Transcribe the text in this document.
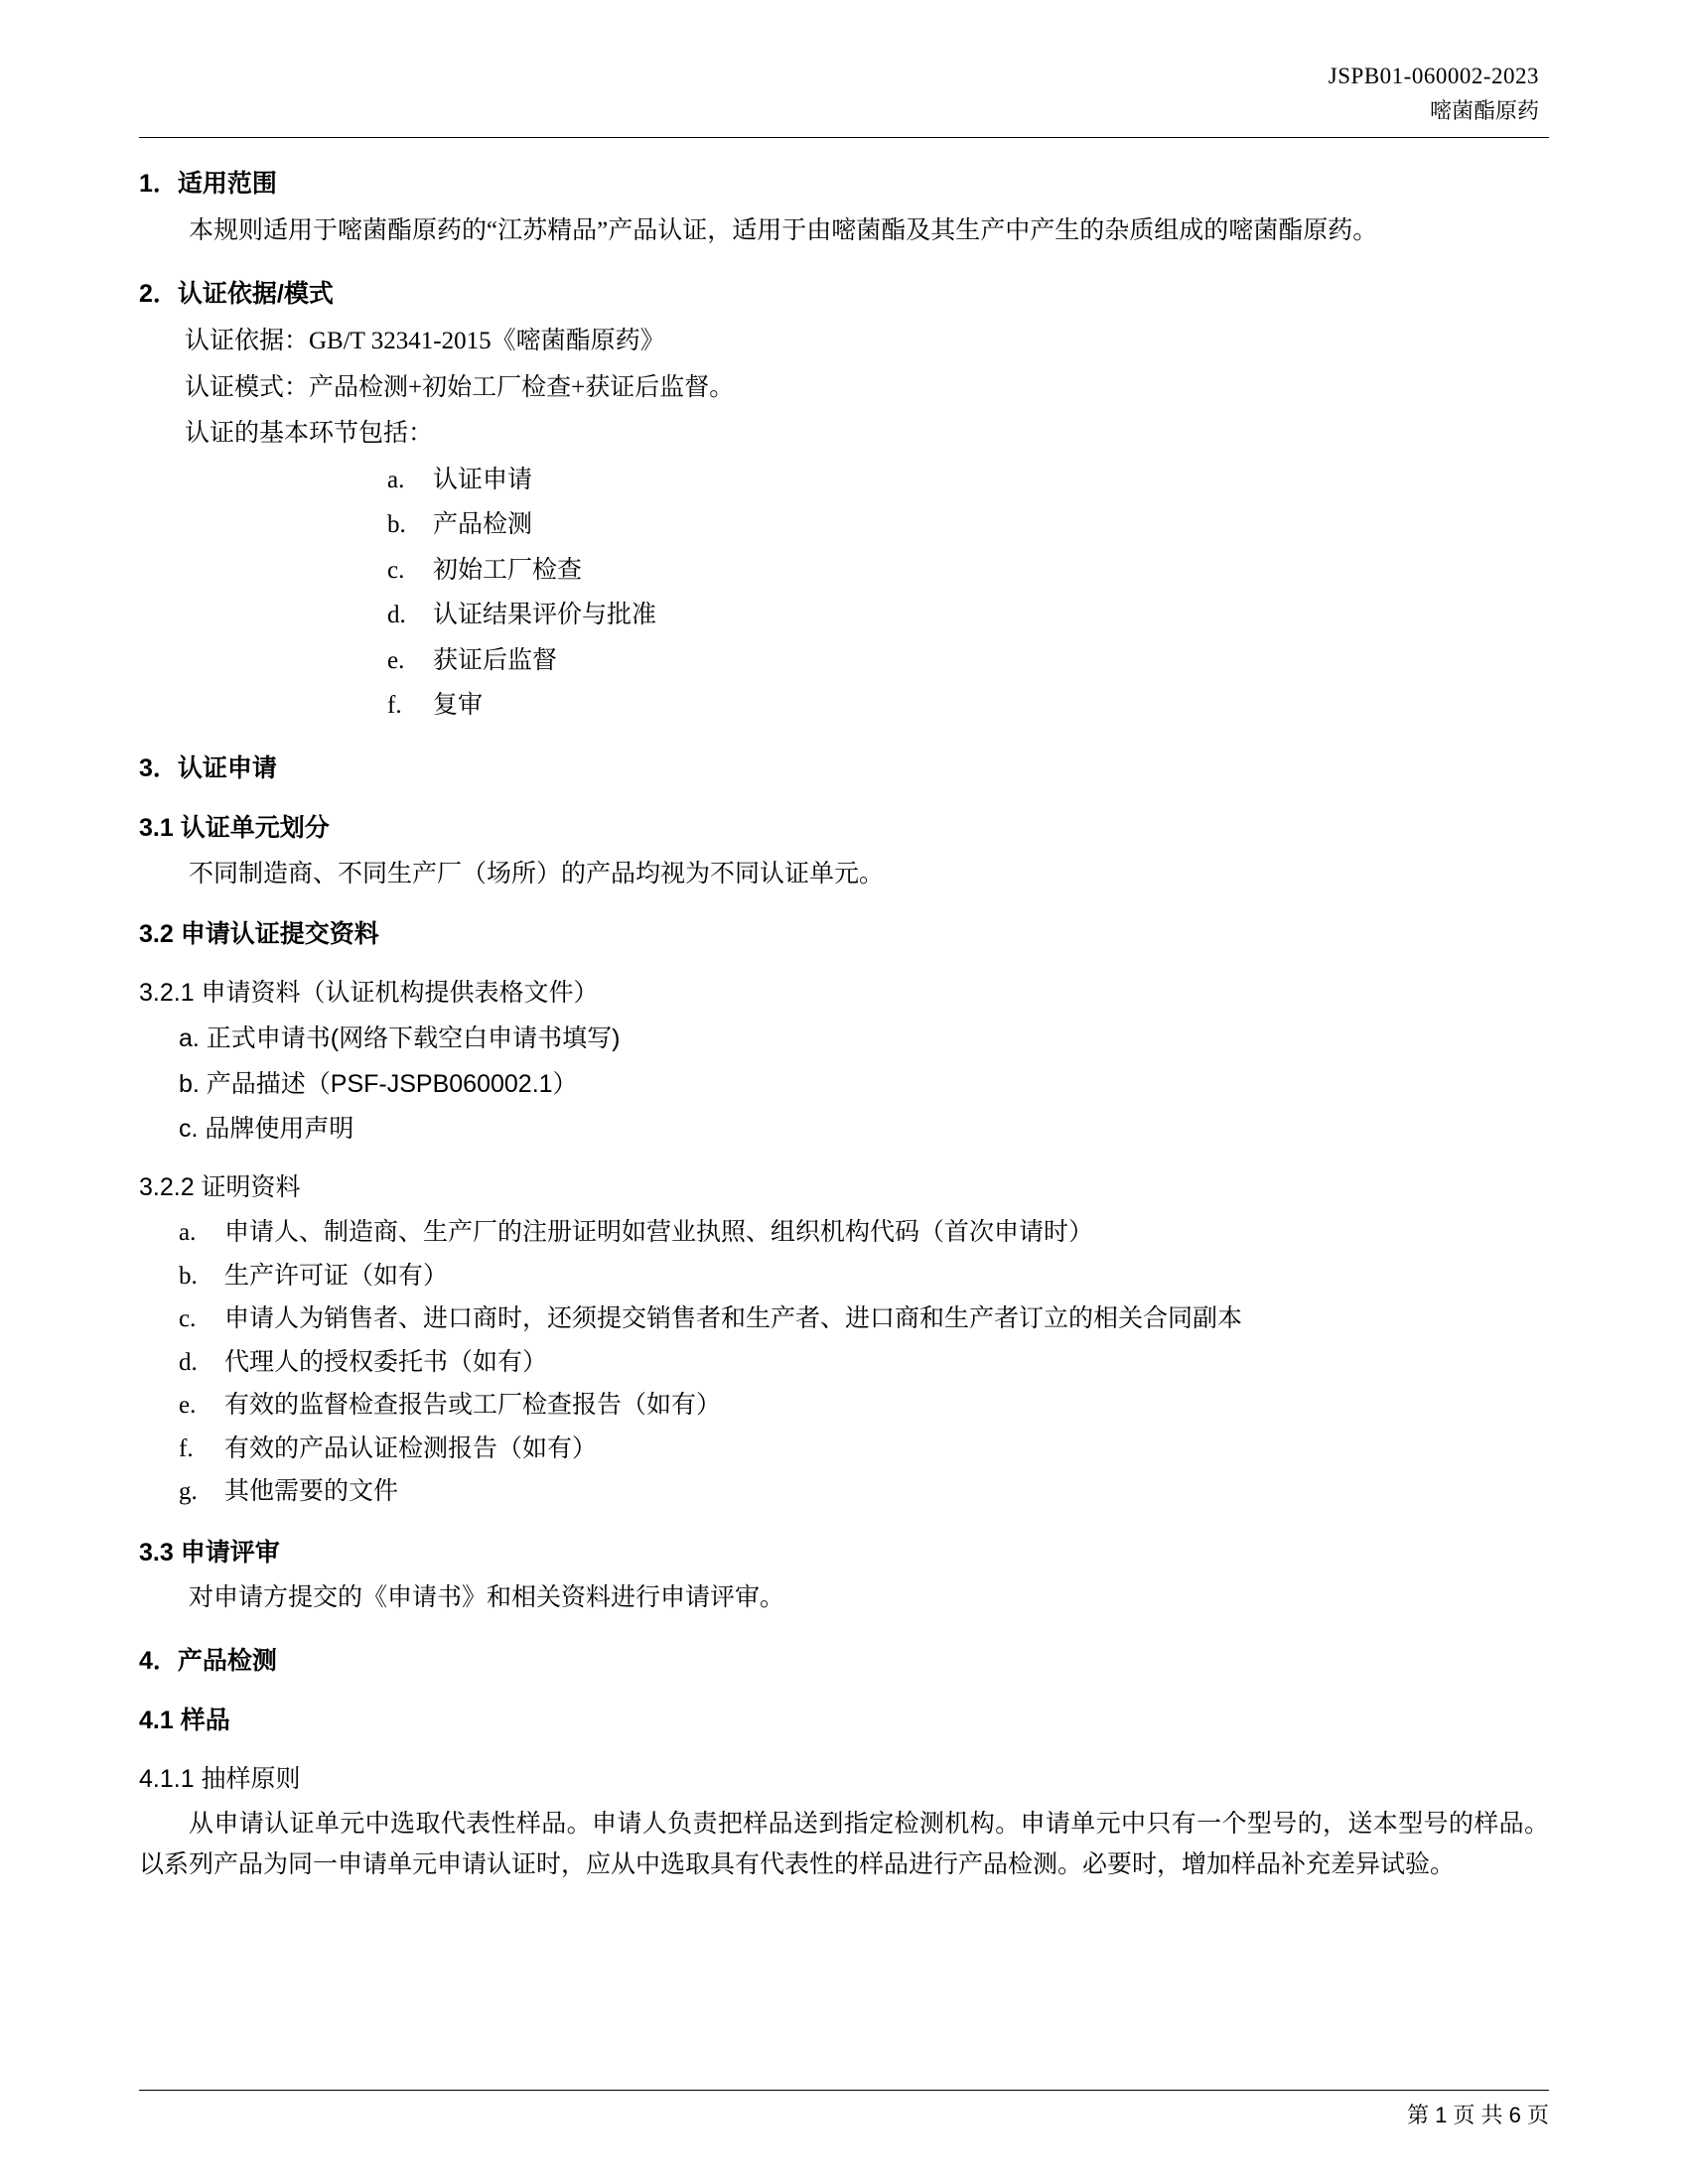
JSPB01-060002-2023
嘧菌酯原药
1．适用范围

本规则适用于嘧菌酯原药的“江苏精品”产品认证，适用于由嘧菌酯及其生产中产生的杂质组成的嘧菌酯原药。

2．认证依据/模式
认证依据：GB/T 32341-2015《嘧菌酯原药》
认证模式：产品检测+初始工厂检查+获证后监督。
认证的基本环节包括：
a.	认证申请
b.	产品检测
c.	初始工厂检查
d.	认证结果评价与批准
e.	获证后监督
f.	复审
3．认证申请
3.1 认证单元划分

不同制造商、不同生产厂（场所）的产品均视为不同认证单元。

3.2 申请认证提交资料
3.2.1 申请资料（认证机构提供表格文件）
a. 正式申请书(网络下载空白申请书填写)
b. 产品描述（PSF-JSPB060002.1）
c. 品牌使用声明
3.2.2 证明资料
a.	申请人、制造商、生产厂的注册证明如营业执照、组织机构代码（首次申请时）
b.	生产许可证（如有）
c.	申请人为销售者、进口商时，还须提交销售者和生产者、进口商和生产者订立的相关合同副本
d.	代理人的授权委托书（如有）
e.	有效的监督检查报告或工厂检查报告（如有）
f.	有效的产品认证检测报告（如有）
g.	其他需要的文件
3.3 申请评审

对申请方提交的《申请书》和相关资料进行申请评审。

4．产品检测
4.1 样品
4.1.1 抽样原则

从申请认证单元中选取代表性样品。申请人负责把样品送到指定检测机构。申请单元中只有一个型号的，送本型号的样品。以系列产品为同一申请单元申请认证时，应从中选取具有代表性的样品进行产品检测。必要时，增加样品补充差异试验。

第 1 页 共 6 页
